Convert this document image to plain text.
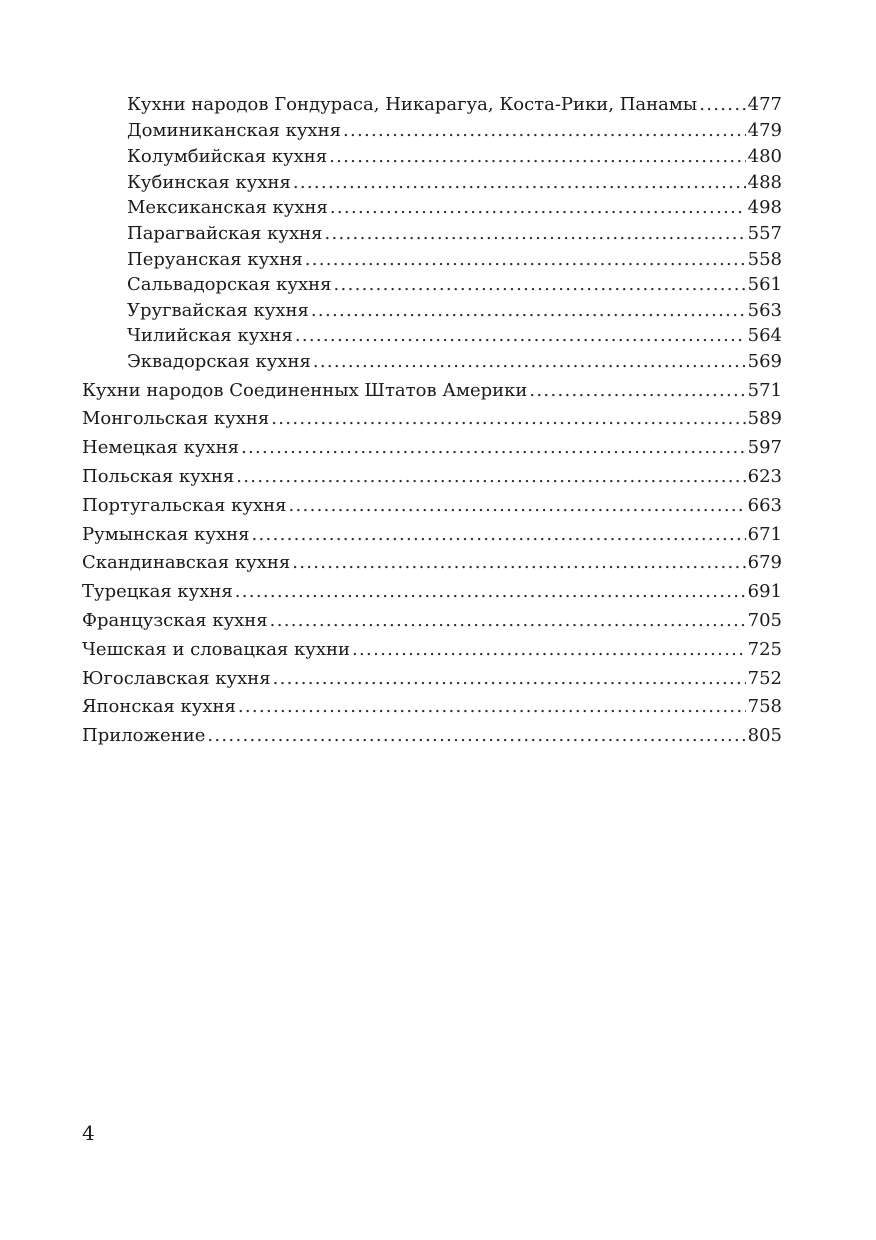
Кухни народов Гондураса, Никарагуа, Коста-Рики, Панамы .....	477
Доминиканская кухня .....	479
Колумбийская кухня .....	480
Кубинская кухня .....	488
Мексиканская кухня .....	498
Парагвайская кухня .....	557
Перуанская кухня .....	558
Сальвадорская кухня .....	561
Уругвайская кухня .....	563
Чилийская кухня .....	564
Эквадорская кухня .....	569
Кухни народов Соединенных Штатов Америки .....	571
Монгольская кухня .....	589
Немецкая кухня .....	597
Польская кухня .....	623
Португальская кухня .....	663
Румынская кухня .....	671
Скандинавская кухня .....	679
Турецкая кухня .....	691
Французская кухня .....	705
Чешская и словацкая кухни .....	725
Югославская кухня .....	752
Японская кухня .....	758
Приложение .....	805
4
